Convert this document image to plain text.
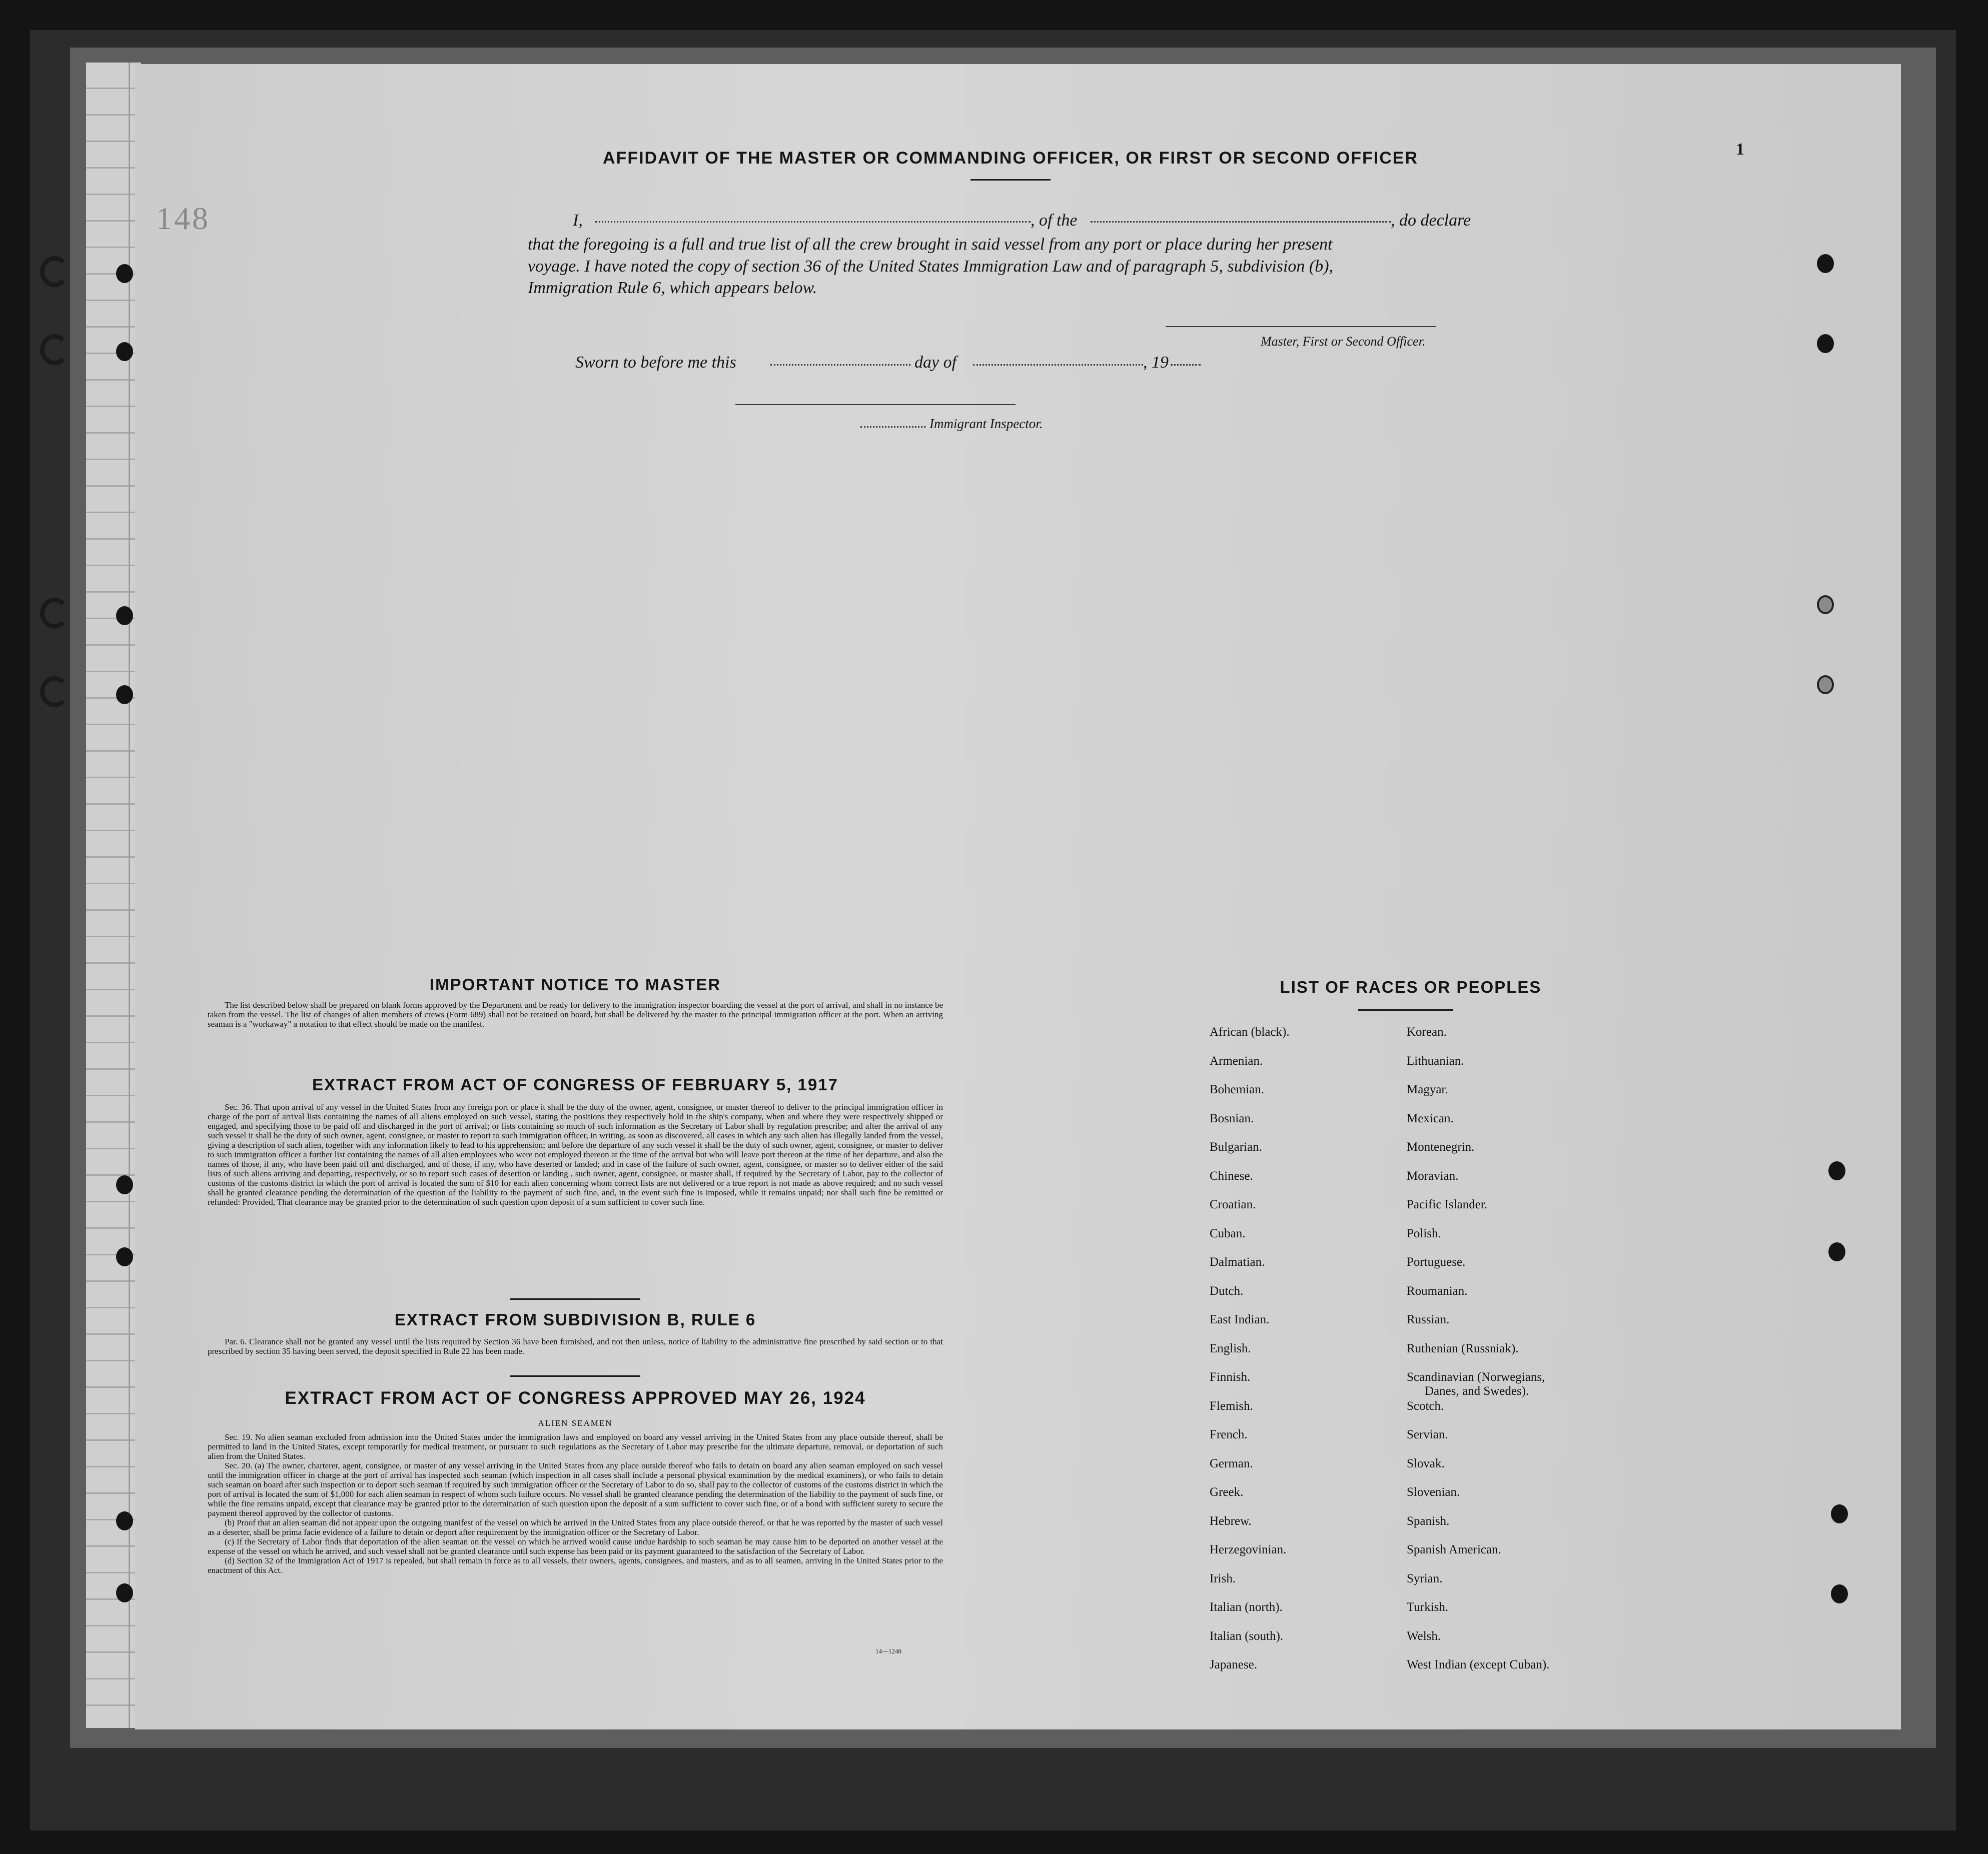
1
148
AFFIDAVIT OF THE MASTER OR COMMANDING OFFICER, OR FIRST OR SECOND OFFICER
I,	, of the	, do declare
that the foregoing is a full and true list of all the crew brought in said vessel from any port or place during her present
voyage. I have noted the copy of section 36 of the United States Immigration Law and of paragraph 5, subdivision (b),
Immigration Rule 6, which appears below.
Master, First or Second Officer.
Sworn to before me this	day of	, 19
Immigrant Inspector.
IMPORTANT NOTICE TO MASTER

The list described below shall be prepared on blank forms approved by the Department and be ready for delivery to the immigration inspector boarding the vessel at the port of arrival, and shall in no instance be taken from the vessel. The list of changes of alien members of crews (Form 689) shall not be retained on board, but shall be delivered by the master to the principal immigration officer at the port. When an arriving seaman is a "workaway" a notation to that effect should be made on the manifest.

EXTRACT FROM ACT OF CONGRESS OF FEBRUARY 5, 1917

Sec. 36. That upon arrival of any vessel in the United States from any foreign port or place it shall be the duty of the owner, agent, consignee, or master thereof to deliver to the principal immigration officer in charge of the port of arrival lists containing the names of all aliens employed on such vessel, stating the positions they respectively hold in the ship's company, when and where they were respectively shipped or engaged, and specifying those to be paid off and discharged in the port of arrival; or lists containing so much of such information as the Secretary of Labor shall by regulation prescribe; and after the arrival of any such vessel it shall be the duty of such owner, agent, consignee, or master to report to such immigration officer, in writing, as soon as discovered, all cases in which any such alien has illegally landed from the vessel, giving a description of such alien, together with any information likely to lead to his apprehension; and before the departure of any such vessel it shall be the duty of such owner, agent, consignee, or master to deliver to such immigration officer a further list containing the names of all alien employees who were not employed thereon at the time of the arrival but who will leave port thereon at the time of her departure, and also the names of those, if any, who have been paid off and discharged, and of those, if any, who have deserted or landed; and in case of the failure of such owner, agent, consignee, or master so to deliver either of the said lists of such aliens arriving and departing, respectively, or so to report such cases of desertion or landing , such owner, agent, consignee, or master shall, if required by the Secretary of Labor, pay to the collector of customs of the customs district in which the port of arrival is located the sum of $10 for each alien concerning whom correct lists are not delivered or a true report is not made as above required; and no such vessel shall be granted clearance pending the determination of the question of the liability to the payment of such fine, and, in the event such fine is imposed, while it remains unpaid; nor shall such fine be remitted or refunded: Provided, That clearance may be granted prior to the determination of such question upon deposit of a sum sufficient to cover such fine.

EXTRACT FROM SUBDIVISION B, RULE 6

Par. 6. Clearance shall not be granted any vessel until the lists required by Section 36 have been furnished, and not then unless, notice of liability to the administrative fine prescribed by said section or to that prescribed by section 35 having been served, the deposit specified in Rule 22 has been made.

EXTRACT FROM ACT OF CONGRESS APPROVED MAY 26, 1924
ALIEN SEAMEN

Sec. 19. No alien seaman excluded from admission into the United States under the immigration laws and employed on board any vessel arriving in the United States from any place outside thereof, shall be permitted to land in the United States, except temporarily for medical treatment, or pursuant to such regulations as the Secretary of Labor may prescribe for the ultimate departure, removal, or deportation of such alien from the United States.

Sec. 20. (a) The owner, charterer, agent, consignee, or master of any vessel arriving in the United States from any place outside thereof who fails to detain on board any alien seaman employed on such vessel until the immigration officer in charge at the port of arrival has inspected such seaman (which inspection in all cases shall include a personal physical examination by the medical examiners), or who fails to detain such seaman on board after such inspection or to deport such seaman if required by such immigration officer or the Secretary of Labor to do so, shall pay to the collector of customs of the customs district in which the port of arrival is located the sum of $1,000 for each alien seaman in respect of whom such failure occurs. No vessel shall be granted clearance pending the determination of the liability to the payment of such fine, or while the fine remains unpaid, except that clearance may be granted prior to the determination of such question upon the deposit of a sum sufficient to cover such fine, or of a bond with sufficient surety to secure the payment thereof approved by the collector of customs.

(b) Proof that an alien seaman did not appear upon the outgoing manifest of the vessel on which he arrived in the United States from any place outside thereof, or that he was reported by the master of such vessel as a deserter, shall be prima facie evidence of a failure to detain or deport after requirement by the immigration officer or the Secretary of Labor.

(c) If the Secretary of Labor finds that deportation of the alien seaman on the vessel on which he arrived would cause undue hardship to such seaman he may cause him to be deported on another vessel at the expense of the vessel on which he arrived, and such vessel shall not be granted clearance until such expense has been paid or its payment guaranteed to the satisfaction of the Secretary of Labor.

(d) Section 32 of the Immigration Act of 1917 is repealed, but shall remain in force as to all vessels, their owners, agents, consignees, and masters, and as to all seamen, arriving in the United States prior to the enactment of this Act.

14—1240
LIST OF RACES OR PEOPLES
African (black).
Armenian.
Bohemian.
Bosnian.
Bulgarian.
Chinese.
Croatian.
Cuban.
Dalmatian.
Dutch.
East Indian.
English.
Finnish.
Flemish.
French.
German.
Greek.
Hebrew.
Herzegovinian.
Irish.
Italian (north).
Italian (south).
Japanese.
Korean.
Lithuanian.
Magyar.
Mexican.
Montenegrin.
Moravian.
Pacific Islander.
Polish.
Portuguese.
Roumanian.
Russian.
Ruthenian (Russniak).
Scandinavian (Norwegians,
Danes, and Swedes).
Scotch.
Servian.
Slovak.
Slovenian.
Spanish.
Spanish American.
Syrian.
Turkish.
Welsh.
West Indian (except Cuban).
